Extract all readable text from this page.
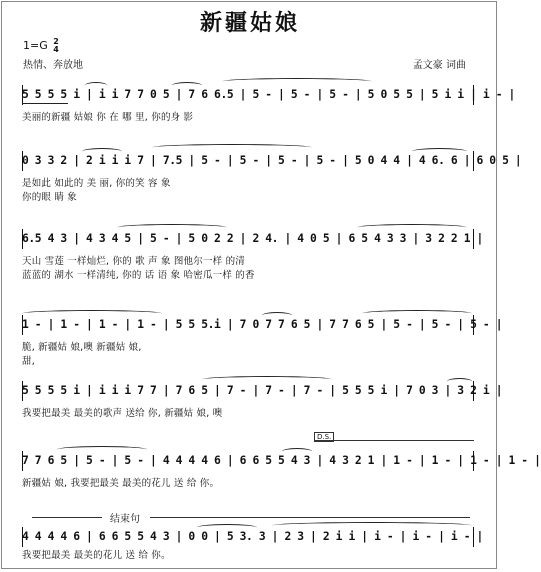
新疆姑娘
1=G 2
4
热情、奔放地	孟文豪 词曲
5 5 5 5 i | i i 7 7 0 5 | 7 6 6.5 | 5 - | 5 - | 5 - | 5 0 5 5 | 5 i i | i - |
美丽的新疆 姑娘 你 在 哪 里, 你的身 影
0 3 3 2 | 2 i i i 7 | 7.5 | 5 - | 5 - | 5 - | 5 - | 5 0 4 4 | 4 6. 6 | 6 0 5 |
是如此 如此的 美 丽, 你的笑 容 象
你的眼 睛 象
6.5 4 3 | 4 3 4 5 | 5 - | 5 0 2 2 | 2 4. | 4 0 5 | 6 5 4 3 3 | 3 2 2 1 |
天山 雪莲 一样灿烂, 你的 歌 声 象 图他尔一样 的清
蓝蓝的 湖水 一样清纯, 你的 话 语 象 哈密瓜一样 的香
1 - | 1 - | 1 - | 1 - | 5 5 5.i | 7 0 7 7 6 5 | 7 7 6 5 | 5 - | 5 - | 5 - |
脆, 新疆姑 娘,噢 新疆姑 娘,
甜,
5 5 5 5 i | i i i 7 7 | 7 6 5 | 7 - | 7 - | 7 - | 5 5 5 i | 7 0 3 | 3 2 i |
我要把最美 最美的歌声 送给 你, 新疆姑 娘, 噢
D.S.
7 7 6 5 | 5 - | 5 - | 4 4 4 4 6 | 6 6 5 5 4 3 | 4 3 2 1 | 1 - | 1 - | 1 - | 1 - |
新疆姑 娘, 我要把最美 最美的花儿 送 给 你。
结束句
4 4 4 4 6 | 6 6 5 5 4 3 | 0 0 | 5 3. 3 | 2 3 | 2 i i | i - | i - | i - |
我要把最美 最美的花儿 送 给 你。
